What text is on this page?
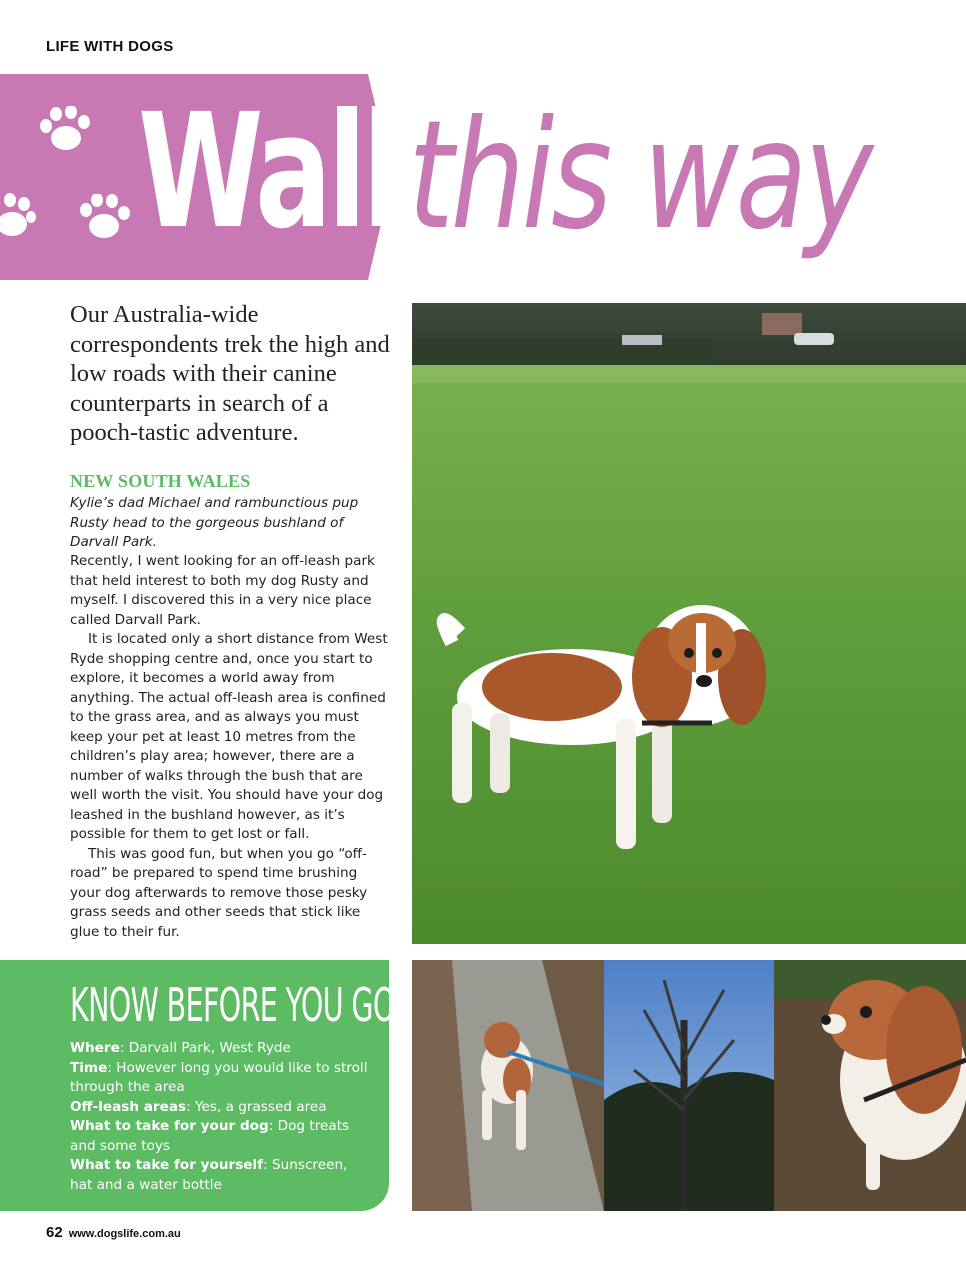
LIFE WITH DOGS
Walk
this way

Our Australia-wide correspondents trek the high and low roads with their canine counterparts in search of a pooch-tastic adventure.

NEW SOUTH WALES

Kylie’s dad Michael and rambunctious pup Rusty head to the gorgeous bushland of Darvall Park.

Recently, I went looking for an off-leash park that held interest to both my dog Rusty and myself. I discovered this in a very nice place called Darvall Park.

It is located only a short distance from West Ryde shopping centre and, once you start to explore, it becomes a world away from anything. The actual off-leash area is confined to the grass area, and as always you must keep your pet at least 10 metres from the children’s play area; however, there are a number of walks through the bush that are well worth the visit. You should have your dog leashed in the bushland however, as it’s possible for them to get lost or fall.

This was good fun, but when you go “off-road” be prepared to spend time brushing your dog afterwards to remove those pesky grass seeds and other seeds that stick like glue to their fur.

KNOW BEFORE YOU GO
Where: Darvall Park, West Ryde
Time: However long you would like to stroll through the area
Off-leash areas: Yes, a grassed area
What to take for your dog: Dog treats and some toys
What to take for yourself: Sunscreen, hat and a water bottle
62 www.dogslife.com.au
